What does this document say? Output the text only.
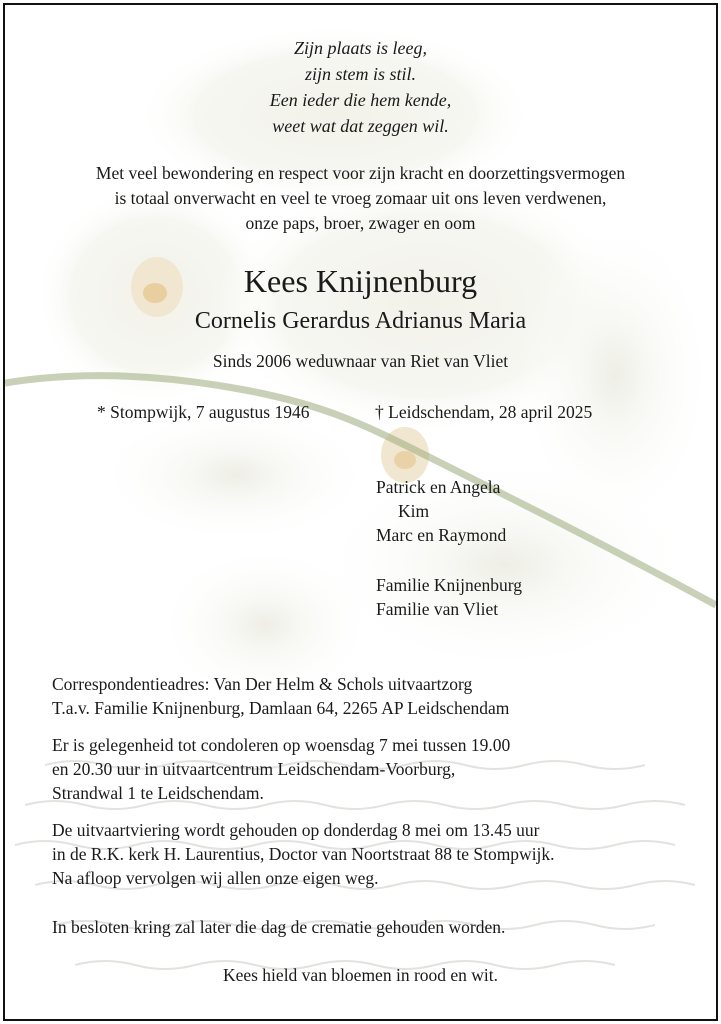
Zijn plaats is leeg,
zijn stem is stil.
Een ieder die hem kende,
weet wat dat zeggen wil.
Met veel bewondering en respect voor zijn kracht en doorzettingsvermogen
is totaal onverwacht en veel te vroeg zomaar uit ons leven verdwenen,
onze paps, broer, zwager en oom
Kees Knijnenburg
Cornelis Gerardus Adrianus Maria
Sinds 2006 weduwnaar van Riet van Vliet
* Stompwijk, 7 augustus 1946	† Leidschendam, 28 april 2025
Patrick en Angela
Kim
Marc en Raymond
Familie Knijnenburg
Familie van Vliet
Correspondentieadres: Van Der Helm & Schols uitvaartzorg
T.a.v. Familie Knijnenburg, Damlaan 64, 2265 AP Leidschendam
Er is gelegenheid tot condoleren op woensdag 7 mei tussen 19.00
en 20.30 uur in uitvaartcentrum Leidschendam-Voorburg,
Strandwal 1 te Leidschendam.
De uitvaartviering wordt gehouden op donderdag 8 mei om 13.45 uur
in de R.K. kerk H. Laurentius, Doctor van Noortstraat 88 te Stompwijk.
Na afloop vervolgen wij allen onze eigen weg.
In besloten kring zal later die dag de crematie gehouden worden.
Kees hield van bloemen in rood en wit.
